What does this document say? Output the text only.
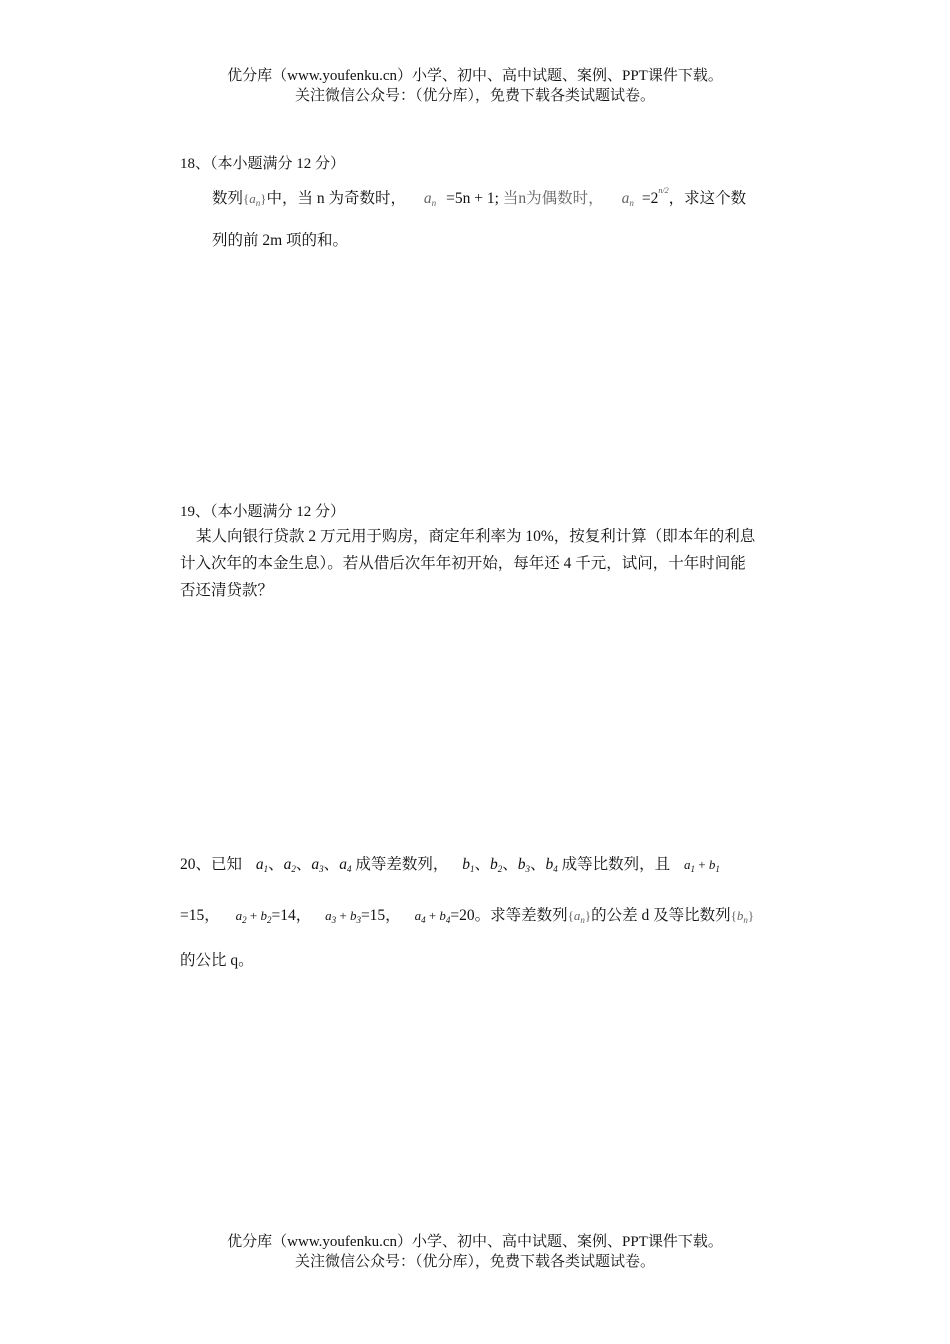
优分库（www.youfenku.cn）小学、初中、高中试题、案例、PPT课件下载。
关注微信公众号：（优分库），免费下载各类试题试卷。
18、（本小题满分 12 分）
数列$\{a_n\}$中，当 n 为奇数时， $a_n =5n + 1$; 当n为偶数时， $a_n =2^{n/2}$，求这个数
列的前 2m 项的和。
19、（本小题满分 12 分）
某人向银行贷款 2 万元用于购房，商定年利率为 10%，按复利计算（即本年的利息
计入次年的本金生息）。若从借后次年年初开始，每年还 4 千元，试问，十年时间能
否还清贷款？
20、已知 $a_1$、$a_2$、$a_3$、$a_4$ 成等差数列， $b_1$、$b_2$、$b_3$、$b_4$ 成等比数列，且 $a_1 + b_1$
=15， $a_2 + b_2=14$， $a_3 + b_3=15$， $a_4 + b_4=20$。求等差数列$\{a_n\}$的公差 d 及等比数列$\{b_n\}$
的公比 q。
优分库（www.youfenku.cn）小学、初中、高中试题、案例、PPT课件下载。
关注微信公众号：（优分库），免费下载各类试题试卷。
